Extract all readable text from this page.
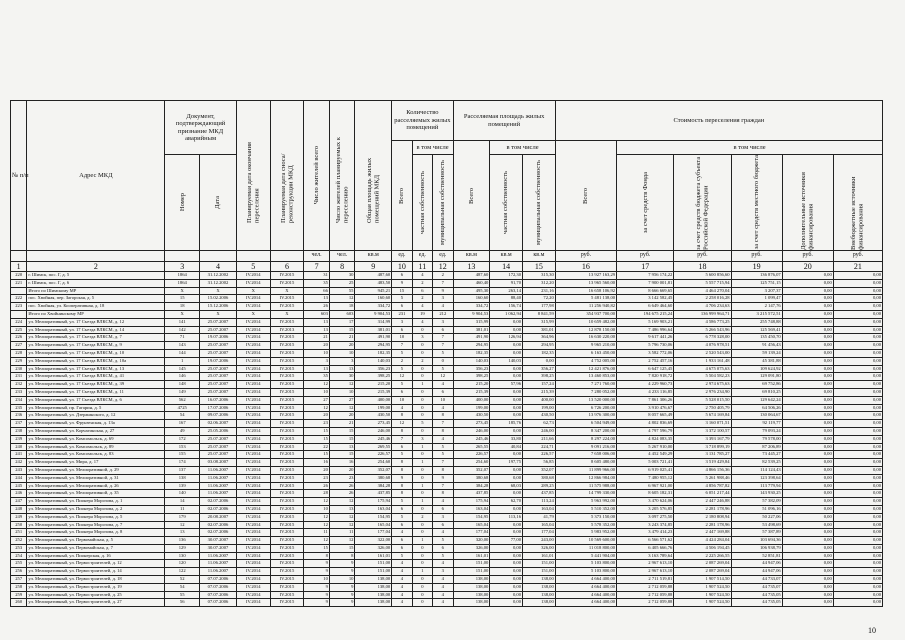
№ п/п	Адрес МКД	Документ, подтверждающий признание МКД аварийным		Планируемая дата окончания переселения	Планируемая дата сноса/реконструкции МКД	Число жителей всего	Число жителей планируемых к переселению	Общая площадь жилых помещений МКД	Количество расселяемых жилых помещений			Расселяемая площадь жилых помещений			Стоимость переселения граждан					

									Всего	в том числе		Всего	в том числе		Всего	в том числе				

		Номер	Дата							частная собственность	муниципальная собственность		частная собственность	муниципальная собственность		за счет средств Фонда	за счет средств бюджета субъекта Российской Федерации	за счет средств местного бюджета	Дополнительные источники финансирования	Внебюджетные источники финансирования

						чел.	чел.	кв.м	ед.	ед.	ед.	кв.м	кв.м	кв.м	руб.	руб.	руб.	руб.	руб.	руб.
1	2	3	4	5	6	7	8	9	10	11	12	13	14	15	16	17	18	19	20	21
220	г. Шимск, пос. Г, д. 5	1864	31.12.2002	IV.2014	IV.2015	31	30	487,60	6	4	2	487,60	172,30	315,30	13 927 163,29	7 956 174,22	5 600 856,60	136 876,07	0,00	0,00
221	г. Шимск, пос. Г, д. 6	1864	31.12.2002	IV.2014	IV.2015	35	25	483,50	9	2	7	460,40	91,70	312,20	13 965 560,00	7 900 001,81	5 557 715,94	125 751,15	0,00	0,00
	Итого по Шимскому МР	X	X	X	X	66	55	945,21	15	6	9	495,30	263,14	231,16	16 658 106,92	8 666 669,65	4 464 270,04	3 207,37	0,00	0,00
222	пос. Хвойная, пер. Загорская, д. 5	15	15.02.2006	IV.2014	IV.2015	13	12	160,60	5	2	3	160,60	88,40	72,20	5 481 138,00	3 142 582,45	2 258 016,28	1 099,47	0,00	0,00
223	пос. Хвойная, ул. Кооперативная, д. 18	18	15.12.2006	IV.2014	IV.2015	26	18	334,72	6	4	4	334,72	156,74	177,98	11 256 940,82	6 649 464,60	4 706 234,63	2 147,76	0,00	0,00
	Итого по Хвойнинскому МР	X	X	X	X	603	603	9 904,53	231	19	212	9 904,53	1 062,94	8 841,59	354 937 700,00	194 675 215,24	136 999 964,71	3 215 572,51	0,00	0,00
224	ул. Мелиоративный, ул. 17 Съезда ВЛКСМ, д. 12	141	25.07.2007	IV.2014	IV.2015	13	17	314,99	3	4	3	315,99	0,00	315,99	10 659 482,00	5 169 903,21	4 586 773,25	255 748,88	0,00	0,00
225	ул. Мелиоративный, ул. 17 Съезда ВЛКСМ, д. 14	142	25.07.2007	IV.2014	IV.2013	13	15	381,01	6	0	6	381,01	0,00	381,01	12 878 150,00	7 486 996,64	5 266 543,96	125 569,41	0,00	0,00
226	ул. Мелиоративный, ул. 17 Съезда ВЛКСМ, д. 7	71	19.07.2006	IV.2014	IV.2015	21	21	491,90	10	3	7	491,90	126,94	364,96	16 630 220,00	9 617 441,26	6 778 328,00	135 450,70	0,00	0,00
227	ул. Мелиоративный, ул. 17 Съезда ВЛКСМ, д. 9	143	25.07.2007	IV.2014	IV.2015	20	20	294,95	7	0	7	294,95	0,00	294,95	9 965 210,00	5 796 730,06	4 076 978,51	91 456,43	0,00	0,00
228	ул. Мелиоративный, ул. 17 Съезда ВЛКСМ, д. 10	144	25.07.2007	IV.2014	IV.2015	10	10	182,35	5	0	5	182,35	0,00	182,35	6 163 450,00	3 582 772,06	2 520 543,00	59 139,24	0,00	0,00
229	ул. Мелиоративный, ул. 17 Съезда ВЛКСМ, д. 10а	1	19.07.2006	IV.2014	IV.2015	3	3	140,03	2	2	0	140,03	140,03	0,00	4 752 005,00	2 752 457,16	1 933 161,48	45 381,88	0,00	0,00
230	ул. Мелиоративный, ул. 17 Съезда ВЛКСМ, д. 13	145	25.07.2007	IV.2014	IV.2015	13	13	356,23	5	0	5	356,23	0,00	356,27	12 421 876,00	6 647 125,45	4 675 075,63	109 624,92	0,00	0,00
231	ул. Мелиоративный, ул. 17 Съезда ВЛКСМ, д. 41	146	25.07.2007	IV.2014	IV.2015	35	30	398,25	12	0	12	398,25	0,00	398,25	13 460 853,00	7 820 918,72	5 504 582,23	129 091,80	0,00	0,00
232	ул. Мелиоративный, ул. 17 Съезда ВЛКСМ, д. 39	148	25.07.2007	IV.2014	IV.2015	12	12	215,20	5	1	4	215,20	57,96	157,24	7 271 760,00	4 229 960,73	2 974 675,63	69 752,86	0,00	0,00
233	ул. Мелиоративный, ул. 17 Съезда ВЛКСМ, д. 11	149	25.07.2007	IV.2014	IV.2015	10	10	215,39	6	0	6	215,39	0,00	215,39	7 280 052,00	4 233 116,85	2 976 234,90	69 810,25	0,00	0,00
234	ул. Мелиоративный, ул. 17 Съезда ВЛКСМ, д. 6	562	16.07.2006	IV.2014	IV.2015	27	27	400,00	10	0	10	400,00	0,00	400,00	13 520 000,00	7 861 306,26	5 528 015,50	129 642,24	0,00	0,00
235	ул. Мелиоративный, пр. Гагарин, д. 5	4725	17.07.2006	IV.2014	IV.2015	12	12	199,00	4	0	4	199,00	0,00	199,00	6 726 200,00	3 910 476,67	2 750 405,79	64 506,26	0,00	0,00
236	ул. Мелиоративный, ул. Дзержинского, д. 12	54	09.07.2006	IV.2014	IV.2015	20	20	430,50	8	0	8	430,50	0,00	430,50	13 976 300,00	8 057 665,49	5 674 169,84	130 064,67	0,00	0,00
237	ул. Мелиоративный, ул. Фрунзенская, д. 13а	167	02.06.2007	IV.2014	IV.2015	23	21	273,45	12	5	7	273,45	185,76	62,73	6 504 949,00	4 802 836,69	3 160 071,51	92 119,77	0,00	0,00
238	ул. Мелиоративный, ул. Корчагинская, д. 27	49	25.05.2006	IV.2014	IV.2015	15	15	246,00	8	0	8	246,00	0,00	246,00	8 347 200,00	4 797 596,79	3 372 100,57	79 093,24	0,00	0,00
239	ул. Мелиоративный, ул. Комсомольск, д. 69	172	25.07.2007	IV.2014	IV.2015	15	15	245,46	7	3	4	245,46	33,80	211,66	8 297 224,00	4 824 083,35	3 393 167,79	79 578,00	0,00	0,00
240	ул. Мелиоративный, ул. Комсомольск, д. 89	153	25.07.2007	IV.2014	IV.2015	22	13	269,55	6	1	5	265,55	40,84	224,71	9 091 216,00	5 267 910,00	3 718 899,19	87 206,89	0,00	0,00
241	ул. Мелиоративный, ул. Комсомольск, д. 83	155	25.07.2007	IV.2014	IV.2015	15	15	226,57	5	0	5	226,57	0,00	226,57	7 658 006,00	4 452 549,29	3 131 785,27	73 445,27	0,00	0,00
242	ул. Мелиоративный, ул. Мира, д. 17	174	03.08.2007	IV.2014	IV.2015	16	16	254,60	8	1	7	254,60	197,75	56,85	8 605 480,00	5 003 721,41	3 519 429,84	82 539,25	0,00	0,00
243	ул. Мелиоративный, ул. Мелиоративной, д. 29	137	11.06.2007	IV.2014	IV.2015	20	20	352,07	8	0	8	352,07	0,00	352,07	11 899 966,00	6 919 025,41	4 866 156,36	114 124,43	0,00	0,00
244	ул. Мелиоративный, ул. Мелиоративной, д. 31	138	11.06.2007	IV.2014	IV.2015	23	23	380,68	9	0	9	380,68	0,00	380,68	12 866 984,00	7 480 955,12	5 261 988,46	123 398,64	0,00	0,00
245	ул. Мелиоративный, ул. Мелиоративной, д. 26	139	11.06.2007	IV.2014	IV.2015	26	26	384,28	8	1	7	384,28	68,03	289,25	11 575 988,00	6 967 921,00	4 856 787,82	113 779,94	0,00	0,00
246	ул. Мелиоративный, ул. Мелиоративной, д. 35	140	11.06.2007	IV.2014	IV.2015	28	26	437,85	8	0	8	437,85	0,00	437,85	14 799 330,00	8 605 182,31	6 051 217,44	143 930,25	0,00	0,00
247	ул. Мелиоративный, ул. Пионера Морозова, д. 1	14	02.07.2006	IV.2014	IV.2015	12	12	175,94	5	1	4	175,94	62,70	113,24	5 963 992,00	3 470 624,06	2 447 246,88	57 382,09	0,00	0,00
248	ул. Мелиоративный, ул. Пионера Морозова, д. 2	11	02.07.2006	IV.2014	IV.2015	10	13	163,04	6	0	6	163,04	0,00	163,04	5 510 352,00	3 205 576,85	2 281 178,96	51 096,16	0,00	0,00
249	ул. Мелиоративный, ул. Пионера Морозова, д. 5	179	20.08.2007	IV.2014	IV.2015	12	12	154,95	5	2	3	154,95	113,16	41,79	5 373 150,00	3 097 275,50	2 180 808,94	50 227,06	0,00	0,00
250	ул. Мелиоративный, ул. Пионера Морозова, д. 7	12	02.07.2006	IV.2014	IV.2015	12	12	165,04	6	0	6	165,04	0,00	165,04	5 578 352,00	3 243 374,85	2 281 178,96	53 498,69	0,00	0,00
251	ул. Мелиоративный, ул. Пионера Морозова, д. 8	13	02.07.2006	IV.2014	IV.2015	11	11	177,04	4	0	4	177,04	0,00	177,04	5 983 952,00	3 479 414,23	2 447 169,88	57 387,89	0,00	0,00
252	ул. Мелиоративный, ул. Первомайская, д. 5	136	30.07.2007	IV.2014	IV.2015	12	12	322,00	6	1	5	320,00	77,00	243,00	10 569 600,00	6 566 571,62	4 424 284,04	103 694,36	0,00	0,00
253	ул. Мелиоративный, ул. Первомайская, д. 7	129	30.07.2007	IV.2014	IV.2015	15	15	326,00	6	0	6	326,00	0,00	326,00	11 018 800,00	6 405 666,76	4 506 194,45	106 938,79	0,00	0,00
254	ул. Мелиоративный, ул. Пионерская, д. 16	130	11.06.2007	IV.2014	IV.2015	8	8	161,01	5	0	5	161,01	0,00	161,01	5 441 904,00	3 163 789,64	2 225 266,55	52 851,81	0,00	0,00
255	ул. Мелиоративный, ул. Первостроителей, д. 12	120	11.06.2007	IV.2014	IV.2015	9	9	151,00	4	0	4	151,00	0,00	151,00	5 103 800,00	2 967 613,10	2 087 269,04	44 947,06	0,00	0,00
256	ул. Мелиоративный, ул. Первостроителей, д. 14	122	11.06.2007	IV.2014	IV.2015	9	9	151,00	4	1	3	151,00	0,00	151,00	5 103 800,00	2 967 613,10	2 087 269,04	44 947,06	0,00	0,00
257	ул. Мелиоративный, ул. Первостроителей, д. 18	52	07.07.2006	IV.2014	IV.2015	10	10	138,00	4	0	4	138,00	0,00	138,00	4 664 400,00	2 711 519,81	1 907 514,50	44 733,07	0,00	0,00
258	ул. Мелиоративный, ул. Первостроителей, д. 19	54	07.07.2006	IV.2014	IV.2015	9	9	138,00	4	0	4	138,00	0,00	138,00	4 664 400,00	2 712 059,88	1 907 524,50	44 735,07	0,00	0,00
259	ул. Мелиоративный, ул. Первостроителей, д. 25	55	07.07.2006	IV.2014	IV.2015	9	9	138,00	4	0	4	138,00	0,00	138,00	4 664 400,00	2 712 059,88	1 907 524,50	44 735,05	0,00	0,00
260	ул. Мелиоративный, ул. Первостроителей, д. 27	56	07.07.2006	IV.2014	IV.2015	9	9	138,00	4	0	4	138,00	0,00	138,00	4 664 400,00	2 712 059,88	1 907 524,50	44 735,05	0,00	0,00
10
